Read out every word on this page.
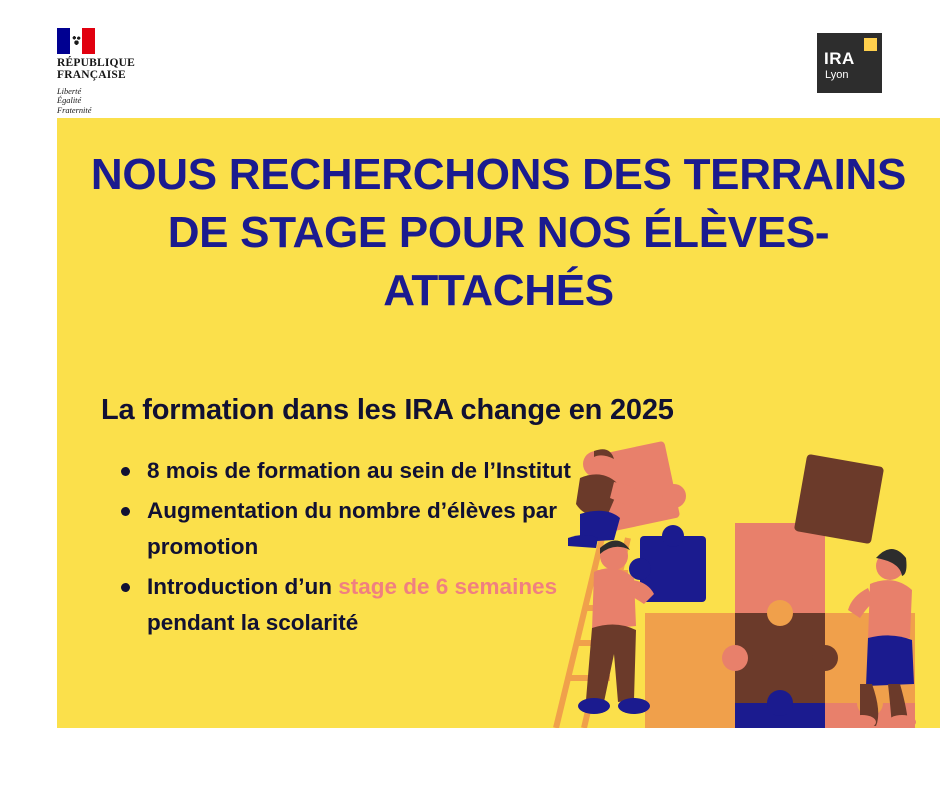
RÉPUBLIQUE
FRANÇAISE
Liberté
Égalité
Fraternité
IRA
Lyon
NOUS RECHERCHONS DES TERRAINS DE STAGE POUR NOS ÉLÈVES-ATTACHÉS
La formation dans les IRA change en 2025
8 mois de formation au sein de l’Institut
Augmentation du nombre d’élèves par promotion
Introduction d’un stage de 6 semaines pendant la scolarité
